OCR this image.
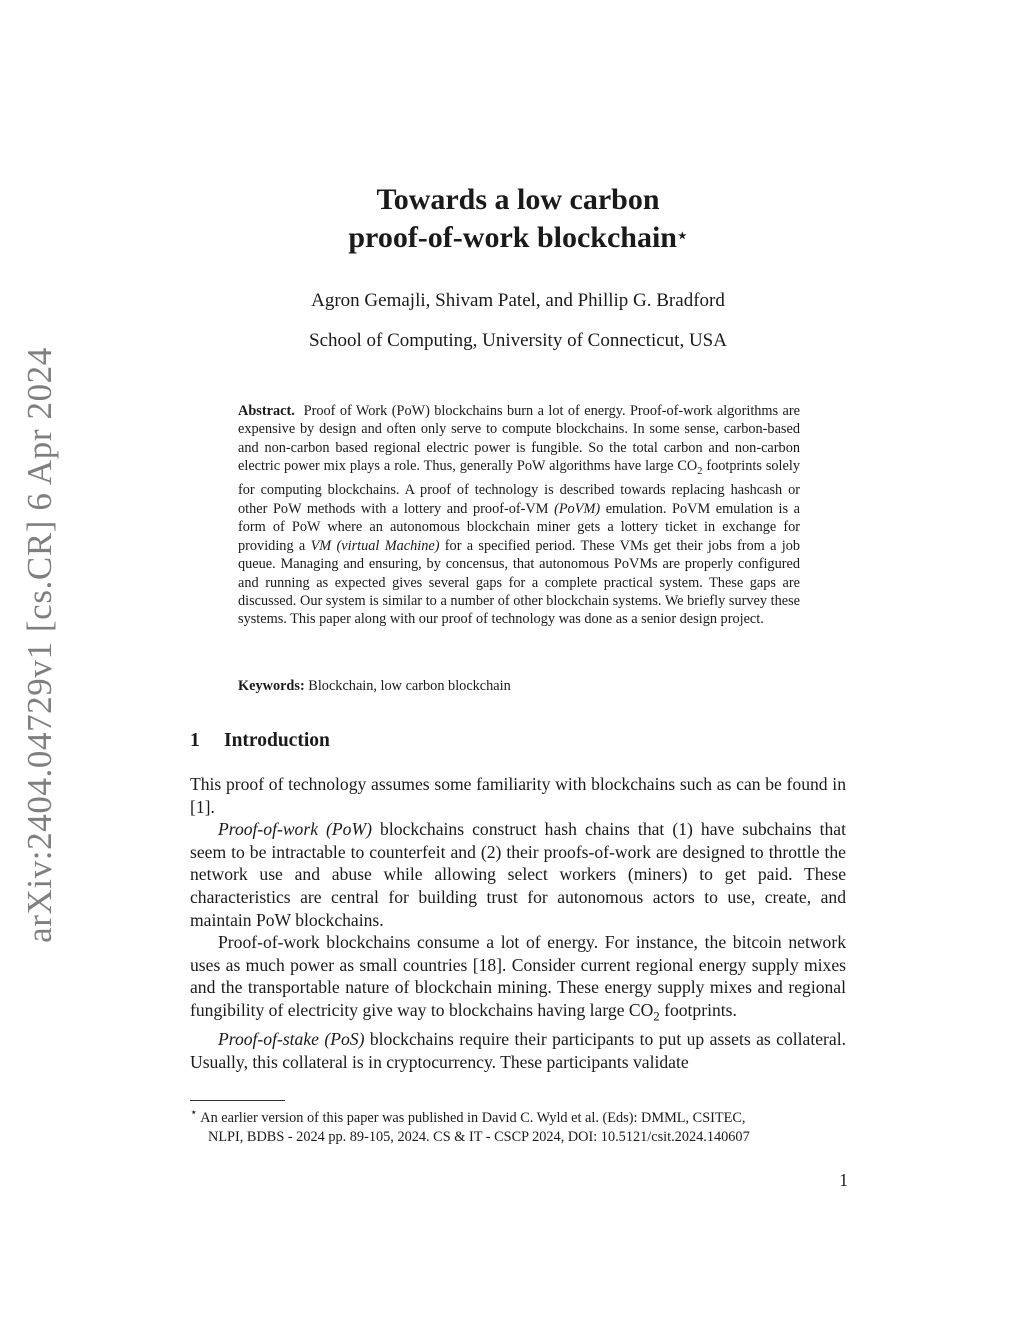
arXiv:2404.04729v1 [cs.CR] 6 Apr 2024
Towards a low carbon
proof-of-work blockchain⋆
Agron Gemajli, Shivam Patel, and Phillip G. Bradford
School of Computing, University of Connecticut, USA
Abstract. Proof of Work (PoW) blockchains burn a lot of energy. Proof-of-work algorithms are expensive by design and often only serve to compute blockchains. In some sense, carbon-based and non-carbon based regional electric power is fungible. So the total carbon and non-carbon electric power mix plays a role. Thus, generally PoW algorithms have large $CO_2$ footprints solely for computing blockchains. A proof of technology is described towards replacing hashcash or other PoW methods with a lottery and proof-of-VM (PoVM) emulation. PoVM emulation is a form of PoW where an autonomous blockchain miner gets a lottery ticket in exchange for providing a VM (virtual Machine) for a specified period. These VMs get their jobs from a job queue. Managing and ensuring, by concensus, that autonomous PoVMs are properly configured and running as expected gives several gaps for a complete practical system. These gaps are discussed. Our system is similar to a number of other blockchain systems. We briefly survey these systems. This paper along with our proof of technology was done as a senior design project.
Keywords: Blockchain, low carbon blockchain
1 Introduction

This proof of technology assumes some familiarity with blockchains such as can be found in [1].

Proof-of-work (PoW) blockchains construct hash chains that (1) have subchains that seem to be intractable to counterfeit and (2) their proofs-of-work are designed to throttle the network use and abuse while allowing select workers (miners) to get paid. These characteristics are central for building trust for autonomous actors to use, create, and maintain PoW blockchains.

Proof-of-work blockchains consume a lot of energy. For instance, the bitcoin network uses as much power as small countries [18]. Consider current regional energy supply mixes and the transportable nature of blockchain mining. These energy supply mixes and regional fungibility of electricity give way to blockchains having large $CO_2$ footprints.

Proof-of-stake (PoS) blockchains require their participants to put up assets as collateral. Usually, this collateral is in cryptocurrency. These participants validate

⋆ An earlier version of this paper was published in David C. Wyld et al. (Eds): DMML, CSITEC,
NLPI, BDBS - 2024 pp. 89-105, 2024. CS & IT - CSCP 2024, DOI: 10.5121/csit.2024.140607
1
